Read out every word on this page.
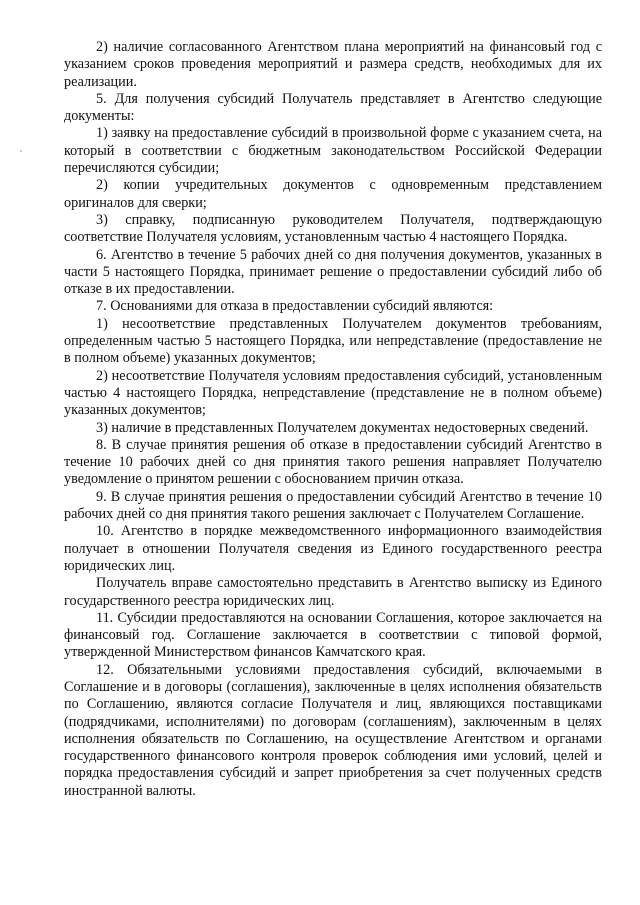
2) наличие согласованного Агентством плана мероприятий на финансовый год с указанием сроков проведения мероприятий и размера средств, необходимых для их реализации.

5. Для получения субсидий Получатель представляет в Агентство следующие документы:

1) заявку на предоставление субсидий в произвольной форме с указанием счета, на который в соответствии с бюджетным законодательством Российской Федерации перечисляются субсидии;

2) копии учредительных документов с одновременным представлением оригиналов для сверки;

3) справку, подписанную руководителем Получателя, подтверждающую соответствие Получателя условиям, установленным частью 4 настоящего Порядка.

6. Агентство в течение 5 рабочих дней со дня получения документов, указанных в части 5 настоящего Порядка, принимает решение о предоставлении субсидий либо об отказе в их предоставлении.

7. Основаниями для отказа в предоставлении субсидий являются:

1) несоответствие представленных Получателем документов требованиям, определенным частью 5 настоящего Порядка, или непредставление (предоставление не в полном объеме) указанных документов;

2) несоответствие Получателя условиям предоставления субсидий, установленным частью 4 настоящего Порядка, непредставление (представление не в полном объеме) указанных документов;

3) наличие в представленных Получателем документах недостоверных сведений.

8. В случае принятия решения об отказе в предоставлении субсидий Агентство в течение 10 рабочих дней со дня принятия такого решения направляет Получателю уведомление о принятом решении с обоснованием причин отказа.

9. В случае принятия решения о предоставлении субсидий Агентство в течение 10 рабочих дней со дня принятия такого решения заключает с Получателем Соглашение.

10. Агентство в порядке межведомственного информационного взаимодействия получает в отношении Получателя сведения из Единого государственного реестра юридических лиц.

Получатель вправе самостоятельно представить в Агентство выписку из Единого государственного реестра юридических лиц.

11. Субсидии предоставляются на основании Соглашения, которое заключается на финансовый год. Соглашение заключается в соответствии с типовой формой, утвержденной Министерством финансов Камчатского края.

12. Обязательными условиями предоставления субсидий, включаемыми в Соглашение и в договоры (соглашения), заключенные в целях исполнения обязательств по Соглашению, являются согласие Получателя и лиц, являющихся поставщиками (подрядчиками, исполнителями) по договорам (соглашениям), заключенным в целях исполнения обязательств по Соглашению, на осуществление Агентством и органами государственного финансового контроля проверок соблюдения ими условий, целей и порядка предоставления субсидий и запрет приобретения за счет полученных средств иностранной валюты.
